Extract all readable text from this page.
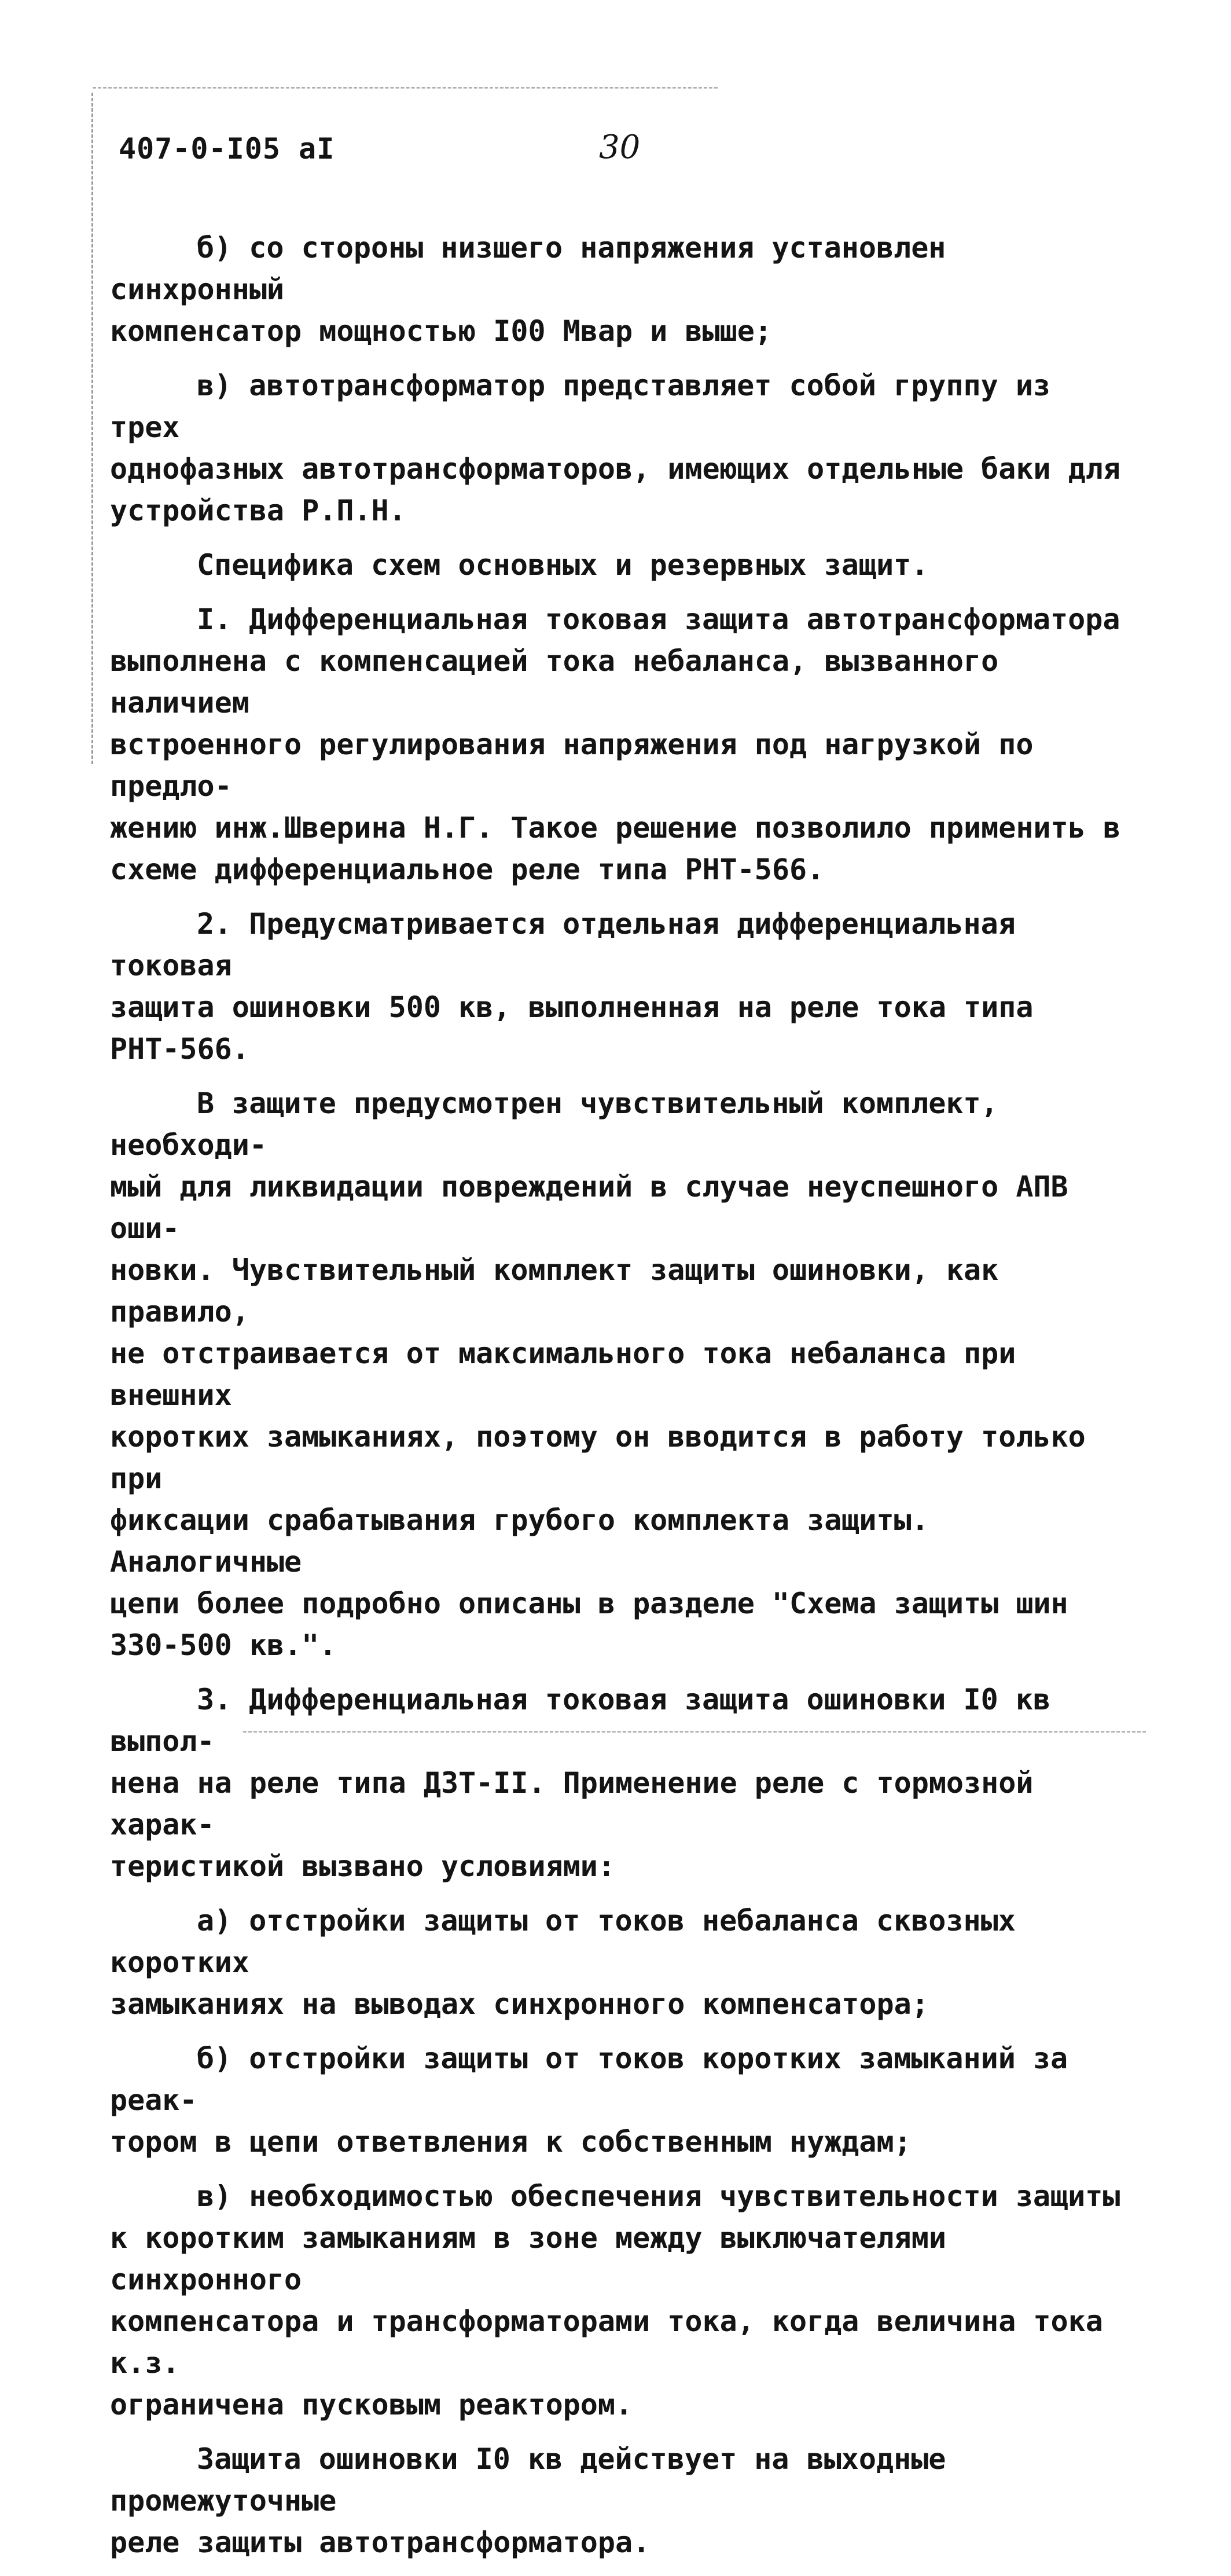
407-0-I05 aI	30

б) со стороны низшего напряжения установлен синхронный
компенсатор мощностью I00 Мвар и выше;

в) автотрансформатор представляет собой группу из трех
однофазных автотрансформаторов, имеющих отдельные баки для
устройства Р.П.Н.

Специфика схем основных и резервных защит.

I. Дифференциальная токовая защита автотрансформатора
выполнена с компенсацией тока небаланса, вызванного наличием
встроенного регулирования напряжения под нагрузкой по предло-
жению инж.Шверина Н.Г. Такое решение позволило применить в
схеме дифференциальное реле типа РНТ-566.

2. Предусматривается отдельная дифференциальная токовая
защита ошиновки 500 кв, выполненная на реле тока типа РНТ-566.

В защите предусмотрен чувствительный комплект, необходи-
мый для ликвидации повреждений в случае неуспешного АПВ оши-
новки. Чувствительный комплект защиты ошиновки, как правило,
не отстраивается от максимального тока небаланса при внешних
коротких замыканиях, поэтому он вводится в работу только при
фиксации срабатывания грубого комплекта защиты. Аналогичные
цепи более подробно описаны в разделе "Схема защиты шин
330-500 кв.".

3. Дифференциальная токовая защита ошиновки I0 кв выпол-
нена на реле типа ДЗТ-II. Применение реле с тормозной харак-
теристикой вызвано условиями:

а) отстройки защиты от токов небаланса сквозных коротких
замыканиях на выводах синхронного компенсатора;

б) отстройки защиты от токов коротких замыканий за реак-
тором в цепи ответвления к собственным нуждам;

в) необходимостью обеспечения чувствительности защиты
к коротким замыканиям в зоне между выключателями синхронного
компенсатора и трансформаторами тока, когда величина тока к.з.
ограничена пусковым реактором.

Защита ошиновки I0 кв действует на выходные промежуточные
реле защиты автотрансформатора.
